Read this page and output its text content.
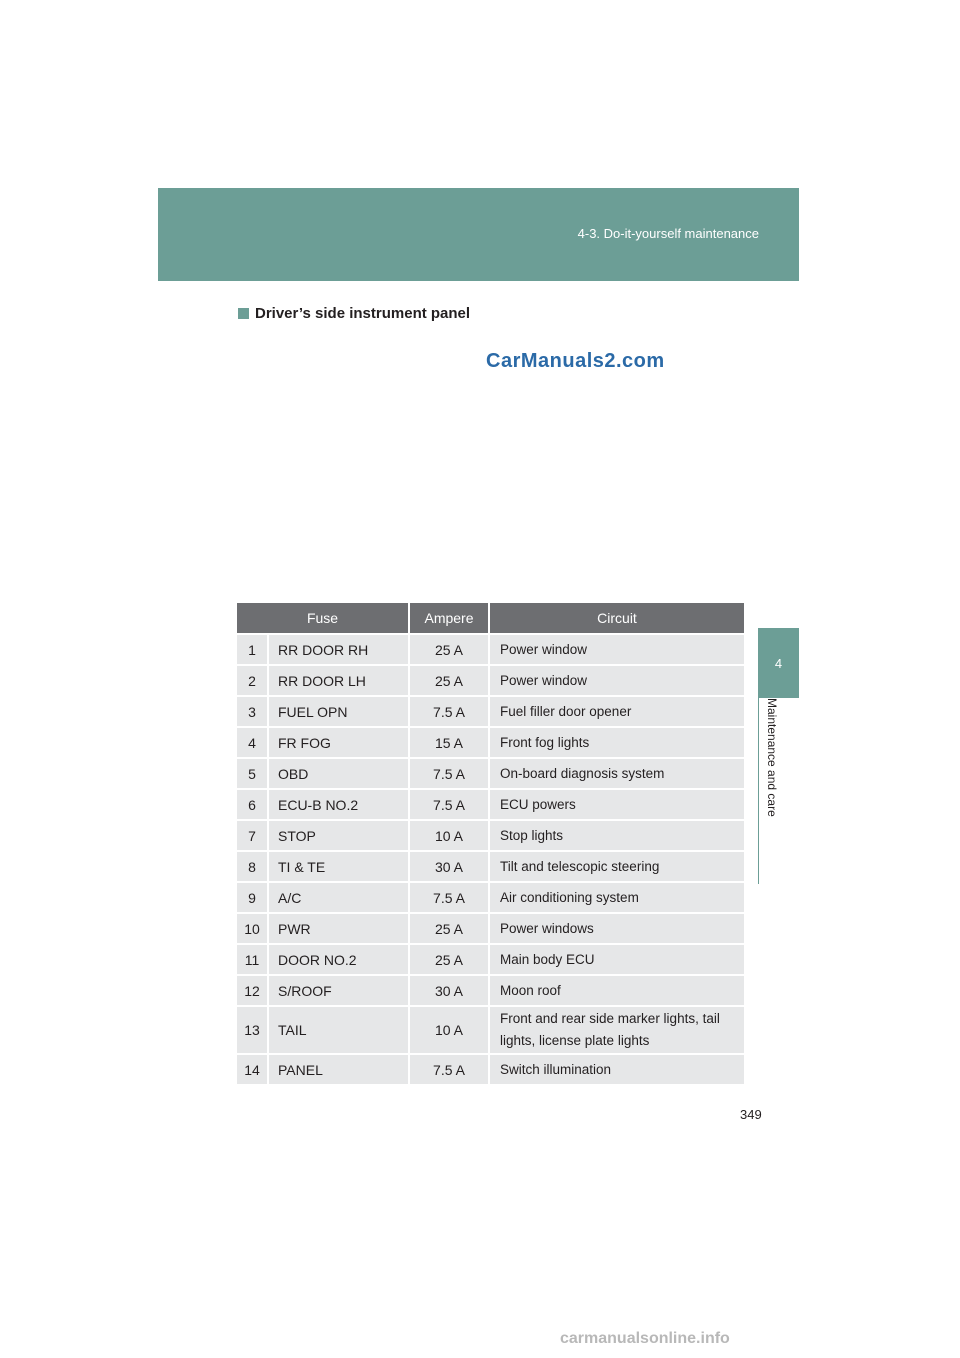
4-3. Do-it-yourself maintenance
4
Maintenance and care
Driver’s side instrument panel
CarManuals2.com
Fuse		Ampere	Circuit
1	RR DOOR RH	25 A	Power window
2	RR DOOR LH	25 A	Power window
3	FUEL OPN	7.5 A	Fuel filler door opener
4	FR FOG	15 A	Front fog lights
5	OBD	7.5 A	On-board diagnosis system
6	ECU-B NO.2	7.5 A	ECU powers
7	STOP	10 A	Stop lights
8	TI & TE	30 A	Tilt and telescopic steering
9	A/C	7.5 A	Air conditioning system
10	PWR	25 A	Power windows
11	DOOR NO.2	25 A	Main body ECU
12	S/ROOF	30 A	Moon roof
13	TAIL	10 A	Front and rear side marker lights, tail lights, license plate lights
14	PANEL	7.5 A	Switch illumination
349
carmanualsonline.info
